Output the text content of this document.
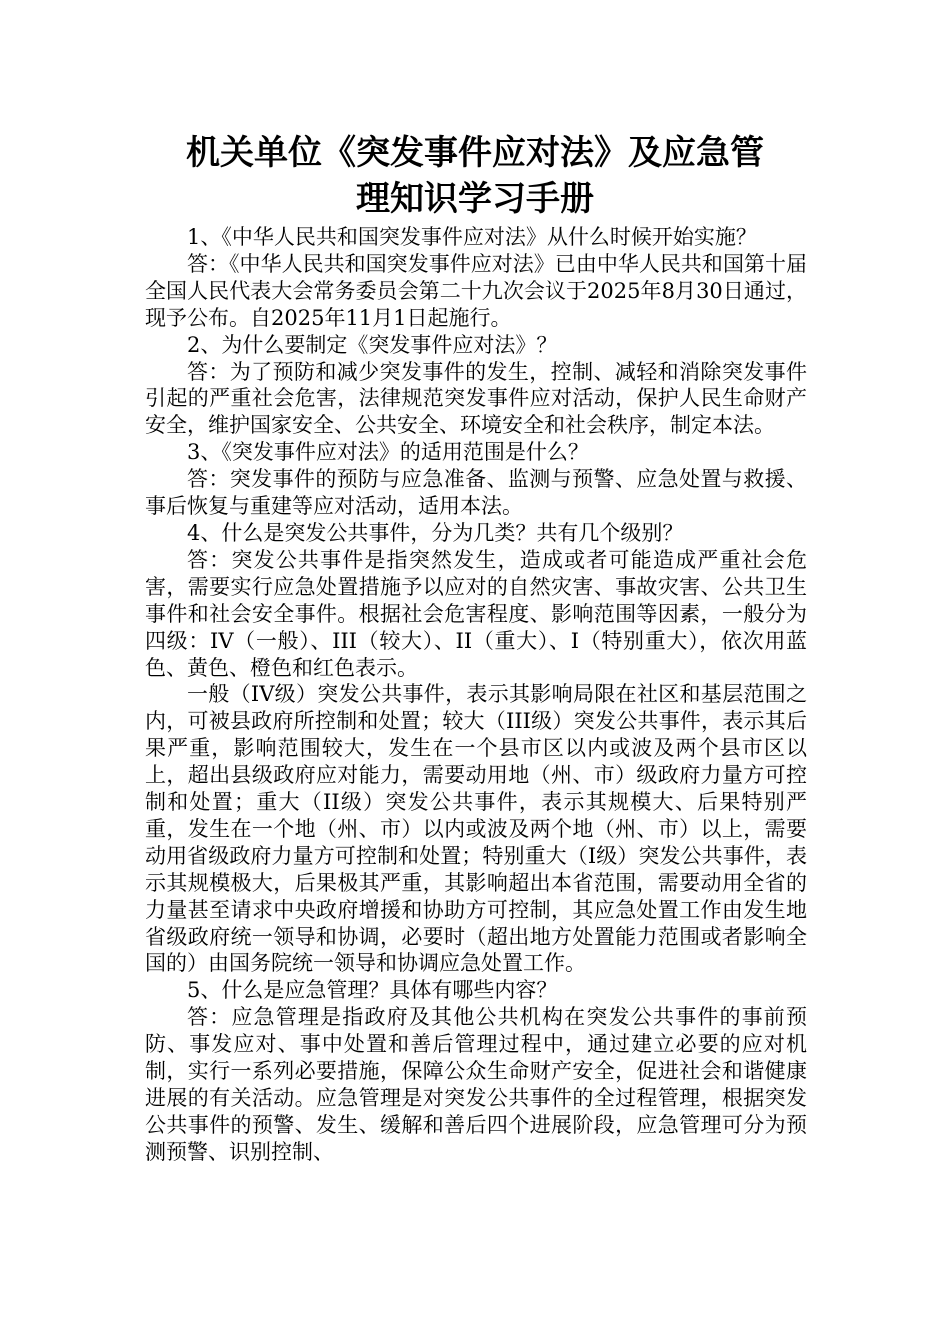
机关单位《突发事件应对法》及应急管
理知识学习手册

1、《中华人民共和国突发事件应对法》从什么时候开始实施？

答：《中华人民共和国突发事件应对法》已由中华人民共和国第十届全国人民代表大会常务委员会第二十九次会议于2025年8月30日通过，现予公布。自2025年11月1日起施行。

2、为什么要制定《突发事件应对法》？

答：为了预防和减少突发事件的发生，控制、减轻和消除突发事件引起的严重社会危害，法律规范突发事件应对活动，保护人民生命财产安全，维护国家安全、公共安全、环境安全和社会秩序，制定本法。

3、《突发事件应对法》的适用范围是什么？

答：突发事件的预防与应急准备、监测与预警、应急处置与救援、事后恢复与重建等应对活动，适用本法。

4、什么是突发公共事件，分为几类？共有几个级别？

答：突发公共事件是指突然发生，造成或者可能造成严重社会危害，需要实行应急处置措施予以应对的自然灾害、事故灾害、公共卫生事件和社会安全事件。根据社会危害程度、影响范围等因素，一般分为四级：IV（一般）、III（较大）、II（重大）、I（特别重大），依次用蓝色、黄色、橙色和红色表示。

一般（IV级）突发公共事件，表示其影响局限在社区和基层范围之内，可被县政府所控制和处置；较大（III级）突发公共事件，表示其后果严重，影响范围较大，发生在一个县市区以内或波及两个县市区以上，超出县级政府应对能力，需要动用地（州、市）级政府力量方可控制和处置；重大（II级）突发公共事件，表示其规模大、后果特别严重，发生在一个地（州、市）以内或波及两个地（州、市）以上，需要动用省级政府力量方可控制和处置；特别重大（I级）突发公共事件，表示其规模极大，后果极其严重，其影响超出本省范围，需要动用全省的力量甚至请求中央政府增援和协助方可控制，其应急处置工作由发生地省级政府统一领导和协调，必要时（超出地方处置能力范围或者影响全国的）由国务院统一领导和协调应急处置工作。

5、什么是应急管理？具体有哪些内容？

答：应急管理是指政府及其他公共机构在突发公共事件的事前预防、事发应对、事中处置和善后管理过程中，通过建立必要的应对机制，实行一系列必要措施，保障公众生命财产安全，促进社会和谐健康进展的有关活动。应急管理是对突发公共事件的全过程管理，根据突发公共事件的预警、发生、缓解和善后四个进展阶段，应急管理可分为预测预警、识别控制、
